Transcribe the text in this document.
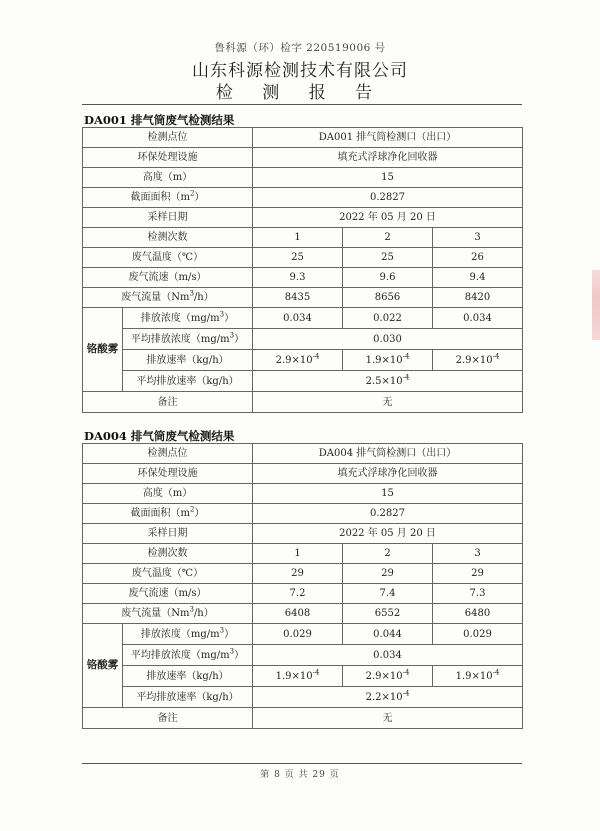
鲁科源（环）检字 220519006 号
山东科源检测技术有限公司
检 测 报 告
DA001 排气筒废气检测结果
检测点位		DA001 排气筒检测口（出口）		
环保处理设施		填充式浮球净化回收器		
高度（m）		15		
截面面积$(m^2)$		0.2827		
采样日期		2022 年 05 月 20 日		
检测次数		1	2	3
废气温度（℃）		25	25	26
废气流速（m/s）		9.3	9.6	9.4
废气流量（Nm$^3$/h）		8435	8656	8420
铬酸雾	排放浓度$(mg/m^3)$	0.034	0.022	0.034
	平均排放浓度$(mg/m^3)$	0.030		
	排放速率（kg/h）	$2.9\times 10^{-4}$	$1.9\times 10^{-4}$	$2.9\times 10^{-4}$
	平均排放速率（kg/h）	$2.5\times 10^{-4}$
备注		无		
DA004 排气筒废气检测结果
检测点位		DA004 排气筒检测口（出口）		
环保处理设施		填充式浮球净化回收器		
高度（m）		15		
截面面积$(m^2)$		0.2827		
采样日期		2022 年 05 月 20 日		
检测次数		1	2	3
废气温度（℃）		29	29	29
废气流速（m/s）		7.2	7.4	7.3
废气流量（Nm$^3$/h）		6408	6552	6480
铬酸雾	排放浓度$(mg/m^3)$	0.029	0.044	0.029
	平均排放浓度$(mg/m^3)$	0.034		
	排放速率（kg/h）	$1.9\times 10^{-4}$	$2.9\times 10^{-4}$	$1.9\times 10^{-4}$
	平均排放速率（kg/h）	$2.2\times 10^{-4}$
备注		无		
第 8 页 共 29 页
